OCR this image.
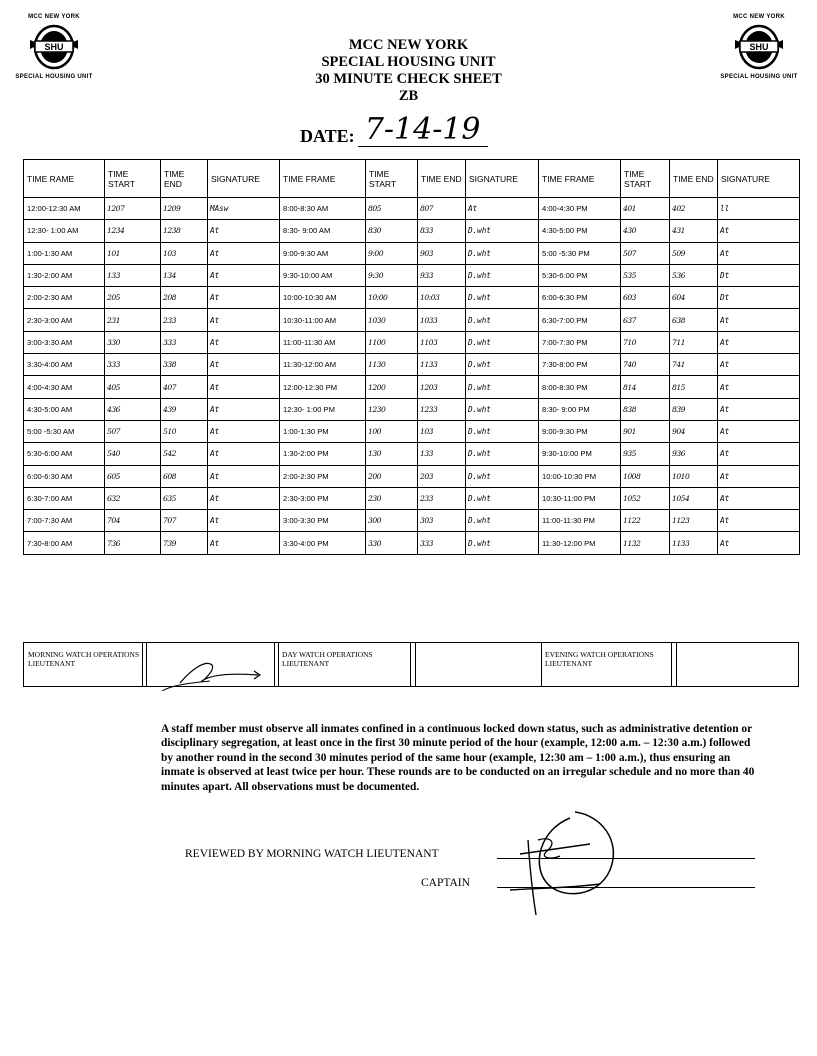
MCC NEW YORK
SHU
SPECIAL HOUSING UNIT
MCC NEW YORK
SHU
SPECIAL HOUSING UNIT
MCC NEW YORK
SPECIAL HOUSING UNIT
30 MINUTE CHECK SHEET
ZB
DATE: 7-14-19
TIME RAME	TIME START	TIME END	SIGNATURE	TIME FRAME	TIME START	TIME END	SIGNATURE	TIME FRAME	TIME START	TIME END	SIGNATURE
12:00-12:30 AM	1207	1209	MAsw	8:00-8:30 AM	805	807	At	4:00-4:30 PM	401	402	ll
12:30- 1:00 AM	1234	1238	At	8:30- 9:00 AM	830	833	D.wht	4:30-5:00 PM	430	431	At
1:00-1:30 AM	101	103	At	9:00-9:30 AM	9:00	903	D.wht	5:00 -5:30 PM	507	509	At
1:30-2:00 AM	133	134	At	9:30-10:00 AM	9:30	933	D.wht	5:30-6:00 PM	535	536	Dt
2:00-2:30 AM	205	208	At	10:00-10:30 AM	10:00	10:03	D.wht	6:00-6:30 PM	603	604	Dt
2:30-3:00 AM	231	233	At	10:30-11:00 AM	1030	1033	D.wht	6:30-7:00 PM	637	638	At
3:00-3:30 AM	330	333	At	11:00-11:30 AM	1100	1103	D.wht	7:00-7:30 PM	710	711	At
3:30-4:00 AM	333	338	At	11:30-12:00 AM	1130	1133	D.wht	7:30-8:00 PM	740	741	At
4:00-4:30 AM	405	407	At	12:00-12:30 PM	1200	1203	D.wht	8:00-8:30 PM	814	815	At
4:30-5:00 AM	436	439	At	12:30- 1:00 PM	1230	1233	D.wht	8:30- 9:00 PM	838	839	At
5:00 -5:30 AM	507	510	At	1:00-1:30 PM	100	103	D.wht	9:00-9:30 PM	901	904	At
5:30-6:00 AM	540	542	At	1:30-2:00 PM	130	133	D.wht	9:30-10:00 PM	935	936	At
6:00-6:30 AM	605	608	At	2:00-2:30 PM	200	203	D.wht	10:00-10:30 PM	1008	1010	At
6:30-7:00 AM	632	635	At	2:30-3:00 PM	230	233	D.wht	10:30-11:00 PM	1052	1054	At
7:00-7:30 AM	704	707	At	3:00-3:30 PM	300	303	D.wht	11:00-11:30 PM	1122	1123	At
7:30-8:00 AM	736	739	At	3:30-4:00 PM	330	333	D.wht	11:30-12:00 PM	1132	1133	At
MORNING WATCH OPERATIONS LIEUTENANT
DAY WATCH OPERATIONS LIEUTENANT
EVENING WATCH OPERATIONS LIEUTENANT
A staff member must observe all inmates confined in a continuous locked down status, such as administrative detention or disciplinary segregation, at least once in the first 30 minute period of the hour (example, 12:00 a.m. – 12:30 a.m.) followed by another round in the second 30 minutes period of the same hour (example, 12:30 am – 1:00 a.m.), thus ensuring an inmate is observed at least twice per hour. These rounds are to be conducted on an irregular schedule and no more than 40 minutes apart. All observations must be documented.
REVIEWED BY MORNING WATCH LIEUTENANT
CAPTAIN
